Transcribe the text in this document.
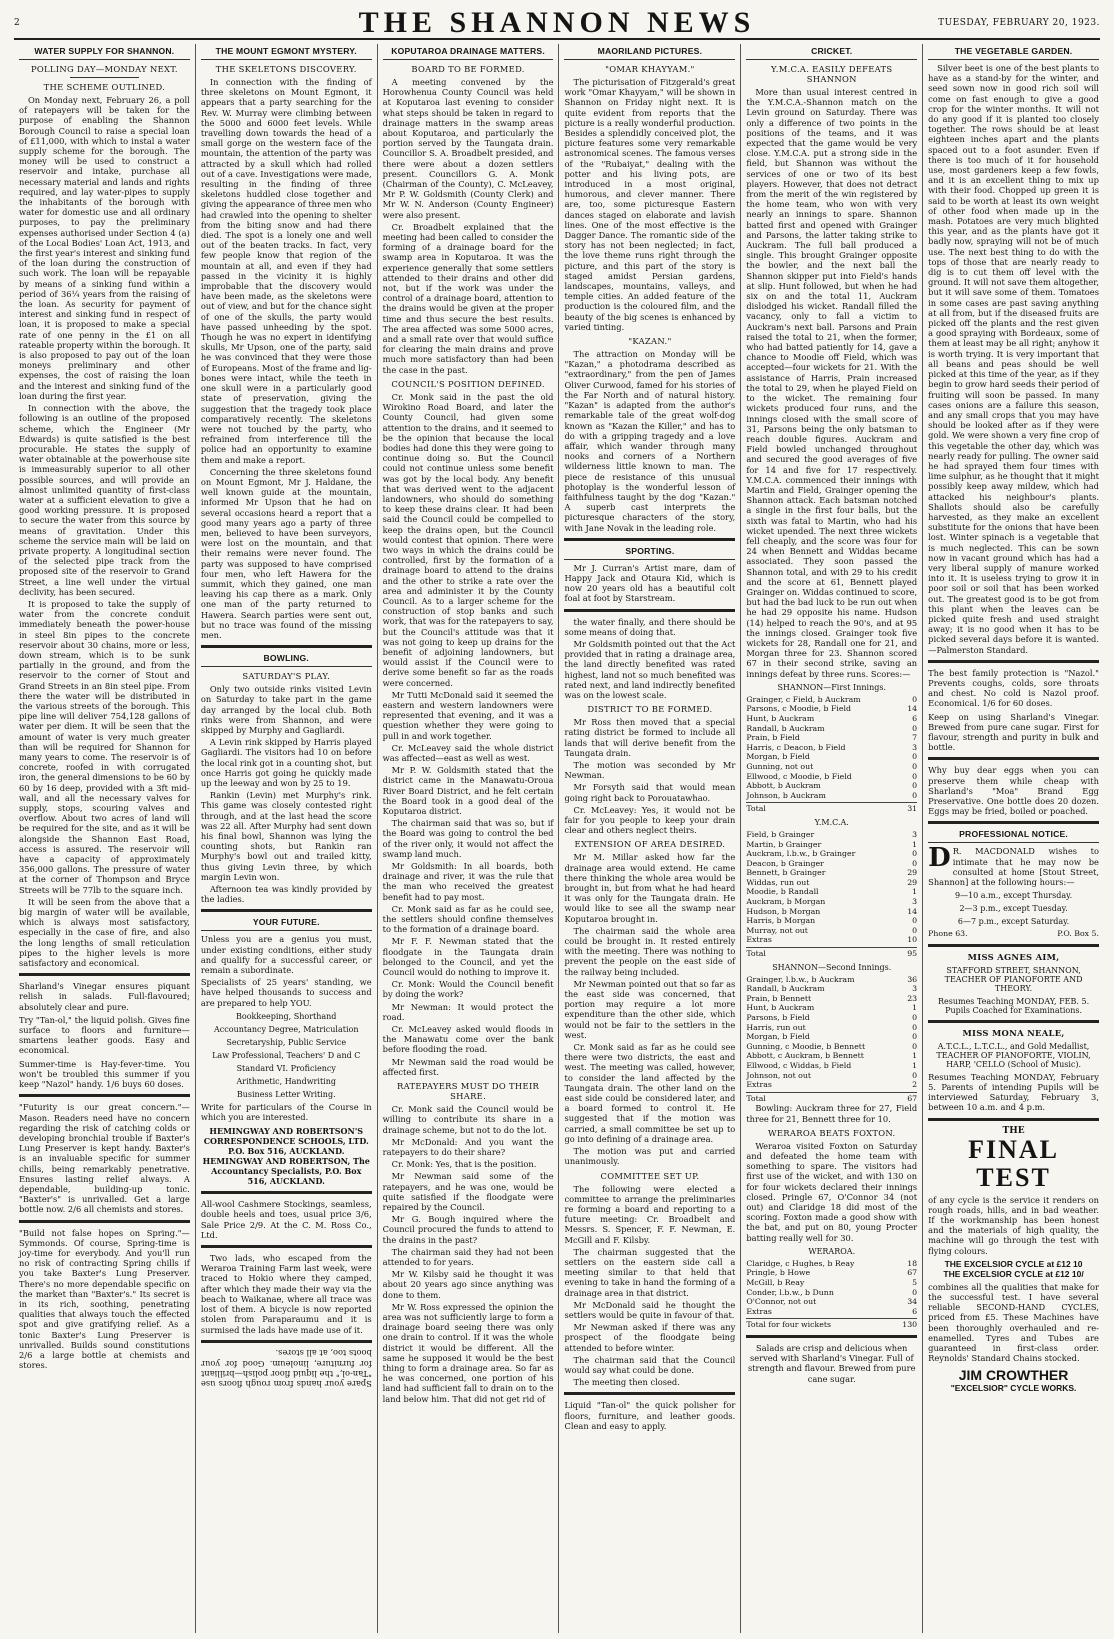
2	THE SHANNON NEWS	TUESDAY, FEBRUARY 20, 1923.
WATER SUPPLY FOR SHANNON.
POLLING DAY—MONDAY NEXT.
THE SCHEME OUTLINED.

On Monday next, February 26, a poll of ratepayers will be taken for the purpose of enabling the Shannon Borough Council to raise a special loan of £11,000, with which to instal a water supply scheme for the borough. The money will be used to construct a reservoir and intake, purchase all necessary material and lands and rights required, and lay water-pipes to supply the inhabitants of the borough with water for domestic use and all ordinary purposes, to pay the preliminary expenses authorised under Section 4 (a) of the Local Bodies' Loan Act, 1913, and the first year's interest and sinking fund of the loan during the construction of such work. The loan will be repayable by means of a sinking fund within a period of 36¼ years from the raising of the loan. As security for payment of interest and sinking fund in respect of loan, it is proposed to make a special rate of one penny in the £1 on all rateable property within the borough. It is also proposed to pay out of the loan moneys preliminary and other expenses, the cost of raising the loan and the interest and sinking fund of the loan during the first year.

In connection with the above, the following is an outline of the proposed scheme, which the Engineer (Mr Edwards) is quite satisfied is the best procurable. He states the supply of water obtainable at the powerhouse site is immeasurably superior to all other possible sources, and will provide an almost unlimited quantity of first-class water at a sufficient elevation to give a good working pressure. It is proposed to secure the water from this source by means of gravitation. Under this scheme the service main will be laid on private property. A longitudinal section of the selected pipe track from the proposed site of the reservoir to Grand Street, a line well under the virtual declivity, has been secured.

It is proposed to take the supply of water from the concrete conduit immediately beneath the power-house in steel 8in pipes to the concrete reservoir about 30 chains, more or less, down stream, which is to be sunk partially in the ground, and from the reservoir to the corner of Stout and Grand Streets in an 8in steel pipe. From there the water will be distributed in the various streets of the borough. This pipe line will deliver 754,128 gallons of water per diem. It will be seen that the amount of water is very much greater than will be required for Shannon for many years to come. The reservoir is of concrete, roofed in with corrugated iron, the general dimensions to be 60 by 60 by 16 deep, provided with a 3ft mid-wall, and all the necessary valves for supply, stops, scouring valves and overflow. About two acres of land will be required for the site, and as it will be alongside the Shannon East Road, access is assured. The reservoir will have a capacity of approximately 356,000 gallons. The pressure of water at the corner of Thompson and Bryce Streets will be 77lb to the square inch.

It will be seen from the above that a big margin of water will be available, which is always most satisfactory, especially in the case of fire, and also the long lengths of small reticulation pipes to the higher levels is more satisfactory and economical.

Sharland's Vinegar ensures piquant relish in salads. Full-flavoured; absolutely clear and pure.

Try "Tan-ol," the liquid polish. Gives fine surface to floors and furniture—smartens leather goods. Easy and economical.

Summer-time is Hay-fever-time. You won't be troubled this summer if you keep "Nazol" handy. 1/6 buys 60 doses.

"Futurity is our great concern."—Mason. Readers need have no concern regarding the risk of catching colds or developing bronchial trouble if Baxter's Lung Preserver is kept handy. Baxter's is an invaluable specific for summer chills, being remarkably penetrative. Ensures lasting relief always. A dependable, building-up tonic. "Baxter's" is unrivalled. Get a large bottle now. 2/6 all chemists and stores.

"Build not false hopes on Spring."—Symmonds. Of course, Spring-time is joy-time for everybody. And you'll run no risk of contracting Spring chills if you take Baxter's Lung Preserver. There's no more dependable specific on the market than "Baxter's." Its secret is in its rich, soothing, penetrating qualities that always touch the effected spot and give gratifying relief. As a tonic Baxter's Lung Preserver is unrivalled. Builds sound constitutions 2/6 a large bottle at chemists and stores.

THE MOUNT EGMONT MYSTERY.
THE SKELETONS DISCOVERY.

In connection with the finding of three skeletons on Mount Egmont, it appears that a party searching for the Rev. W. Murray were climbing between the 5000 and 6000 feet levels. While travelling down towards the head of a small gorge on the western face of the mountain, the attention of the party was attracted by a skull which had rolled out of a cave. Investigations were made, resulting in the finding of three skeletons huddled close together and giving the appearance of three men who had crawled into the opening to shelter from the biting snow and had there died. The spot is a lonely one and well out of the beaten tracks. In fact, very few people know that region of the mountain at all, and even if they had passed in the vicinity it is highly improbable that the discovery would have been made, as the skeletons were out of view, and but for the chance sight of one of the skulls, the party would have passed unheeding by the spot. Though he was no expert in identifying skulls, Mr Upson, one of the party, said he was convinced that they were those of Europeans. Most of the frame and lig-bones were intact, while the teeth in one skull were in a particularly good state of preservation, giving the suggestion that the tragedy took place comparatively recently. The skeletons were not touched by the party, who refrained from interference till the police had an opportunity to examine them and make a report.

Concerning the three skeletons found on Mount Egmont, Mr J. Haldane, the well known guide at the mountain, informed Mr Upson that he had on several occasions heard a report that a good many years ago a party of three men, believed to have been surveyors, were lost on the mountain, and that their remains were never found. The party was supposed to have comprised four men, who left Hawera for the summit, which they gained, one man leaving his cap there as a mark. Only one man of the party returned to Hawera. Search parties were sent out, but no trace was found of the missing men.

BOWLING.
SATURDAY'S PLAY.

Only two outside rinks visited Levin on Saturday to take part in the game day arranged by the local club. Both rinks were from Shannon, and were skipped by Murphy and Gagliardi.

A Levin rink skipped by Harris played Gagliardi. The visitors had 10 on before the local rink got in a counting shot, but once Harris got going he quickly made up the leeway and won by 25 to 19.

Rankin (Levin) met Murphy's rink. This game was closely contested right through, and at the last head the score was 22 all. After Murphy had sent down his final bowl, Shannon was lying the counting shots, but Rankin ran Murphy's bowl out and trailed kitty, thus giving Levin three, by which margin Levin won.

Afternoon tea was kindly provided by the ladies.

YOUR FUTURE.

Unless you are a genius you must, under existing conditions, either study and qualify for a successful career, or remain a subordinate.

Specialists of 25 years' standing, we have helped thousands to success and are prepared to help YOU.

Bookkeeping, Shorthand
Accountancy Degree, Matriculation
Secretaryship, Public Service
Law Professional, Teachers' D and C
Standard VI. Proficiency
Arithmetic, Handwriting
Business Letter Writing.

Write for particulars of the Course in which you are interested.

HEMINGWAY AND ROBERTSON'S CORRESPONDENCE SCHOOLS, LTD. P.O. Box 516, AUCKLAND. HEMINGWAY AND ROBERTSON, The Accountancy Specialists, P.O. Box 516, AUCKLAND.

All-wool Cashmere Stockings, seamless, double heels and toes, usual price 3/6, Sale Price 2/9. At the C. M. Ross Co., Ltd.

Two lads, who escaped from the Weraroa Training Farm last week, were traced to Hokio where they camped, after which they made their way via the beach to Waikanae, where all trace was lost of them. A bicycle is now reported stolen from Paraparaumu and it is surmised the lads have made use of it.

Spare your hands from rough floors use "Tan-ol," the liquid floor polish—brilliant for furniture, linoleum. Good for your boots too, at all stores.

KOPUTAROA DRAINAGE MATTERS.
BOARD TO BE FORMED.

A meeting convened by the Horowhenua County Council was held at Koputaroa last evening to consider what steps should be taken in regard to drainage matters in the swamp areas about Koputaroa, and particularly the portion served by the Taungata drain. Councillor S. A. Broadbelt presided, and there were about a dozen settlers present. Councillors G. A. Monk (Chairman of the County), C. McLeavey, Mr P. W. Goldsmith (County Clerk) and Mr W. N. Anderson (County Engineer) were also present.

Cr. Broadbelt explained that the meeting had been called to consider the forming of a drainage board for the swamp area in Koputaroa. It was the experience generally that some settlers attended to their drains and other did not, but if the work was under the control of a drainage board, attention to the drains would be given at the proper time and thus secure the best results. The area affected was some 5000 acres, and a small rate over that would suffice for clearing the main drains and prove much more satisfactory than had been the case in the past.

COUNCIL'S POSITION DEFINED.

Cr. Monk said in the past the old Wirokino Road Board, and later the County Council, had given some attention to the drains, and it seemed to be the opinion that because the local bodies had done this they were going to continue doing so. But the Council could not continue unless some benefit was got by the local body. Any benefit that was derived went to the adjacent landowners, who should do something to keep these drains clear. It had been said the Council could be compelled to keep the drains open, but the Council would contest that opinion. There were two ways in which the drains could be controlled, first by the formation of a drainage board to attend to the drains and the other to strike a rate over the area and administer it by the County Council. As to a larger scheme for the construction of stop banks and such work, that was for the ratepayers to say, but the Council's attitude was that it was not going to keep up drains for the benefit of adjoining landowners, but would assist if the Council were to derive some benefit so far as the roads were concerned.

Mr Tutti McDonald said it seemed the eastern and western landowners were represented that evening, and it was a question whether they were going to pull in and work together.

Cr. McLeavey said the whole district was affected—east as well as west.

Mr P. W. Goldsmith stated that the district came in the Manawatu-Oroua River Board District, and he felt certain the Board took in a good deal of the Koputaroa district.

The chairman said that was so, but if the Board was going to control the bed of the river only, it would not affect the swamp land much.

Mr Goldsmith: In all boards, both drainage and river, it was the rule that the man who received the greatest benefit had to pay most.

Cr. Monk said as far as he could see, the settlers should confine themselves to the formation of a drainage board.

Mr F. F. Newman stated that the floodgate in the Taungata drain belonged to the Council, and yet the Council would do nothing to improve it.

Cr. Monk: Would the Council benefit by doing the work?

Mr Newman: It would protect the road.

Cr. McLeavey asked would floods in the Manawatu come over the bank before flooding the road.

Mr Newman said the road would be affected first.

RATEPAYERS MUST DO THEIR SHARE.

Cr. Monk said the Council would be willing to contribute its share in a drainage scheme, but not to do the lot.

Mr McDonald: And you want the ratepayers to do their share?

Cr. Monk: Yes, that is the position.

Mr Newman said some of the ratepayers, and he was one, would be quite satisfied if the floodgate were repaired by the Council.

Mr G. Bough inquired where the Council procured the funds to attend to the drains in the past?

The chairman said they had not been attended to for years.

Mr W. Kilsby said he thought it was about 20 years ago since anything was done to them.

Mr W. Ross expressed the opinion the area was not sufficiently large to form a drainage board seeing there was only one drain to control. If it was the whole district it would be different. All the same he supposed it would be the best thing to form a drainage area. So far as he was concerned, one portion of his land had sufficient fall to drain on to the land below him. That did not get rid of

MAORILAND PICTURES.
"OMAR KHAYYAM."

The picturisation of Fitzgerald's great work "Omar Khayyam," will be shown in Shannon on Friday night next. It is quite evident from reports that the picture is a really wonderful production. Besides a splendidly conceived plot, the picture features some very remarkable astronomical scenes. The famous verses of the "Rubaiyat," dealing with the potter and his living pots, are introduced in a most original, humorous, and clever manner. There are, too, some picturesque Eastern dances staged on elaborate and lavish lines. One of the most effective is the Dagger Dance. The romantic side of the story has not been neglected; in fact, the love theme runs right through the picture, and this part of the story is staged amidst Persian gardens, landscapes, mountains, valleys, and temple cities. An added feature of the production is the coloured film, and the beauty of the big scenes is enhanced by varied tinting.

"KAZAN."

The attraction on Monday will be "Kazan," a photodrama described as "extraordinary," from the pen of James Oliver Curwood, famed for his stories of the Far North and of natural history. "Kazan" is adapted from the author's remarkable tale of the great wolf-dog known as "Kazan the Killer," and has to do with a gripping tragedy and a love affair, which wander through many nooks and corners of a Northern wilderness little known to man. The piece de resistance of this unusual photoplay is the wonderful lesson of faithfulness taught by the dog "Kazan." A superb cast interprets the picturesque characters of the story, with Jane Novak in the leading role.

SPORTING.

Mr J. Curran's Artist mare, dam of Happy Jack and Otaura Kid, which is now 20 years old has a beautiful colt foal at foot by Starstream.

the water finally, and there should be some means of doing that.

Mr Goldsmith pointed out that the Act provided that in rating a drainage area, the land directly benefited was rated highest, land not so much benefited was rated next, and land indirectly benefited was on the lowest scale.

DISTRICT TO BE FORMED.

Mr Ross then moved that a special rating district be formed to include all lands that will derive benefit from the Taungata drain.

The motion was seconded by Mr Newman.

Mr Forsyth said that would mean going right back to Porouatawhao.

Cr. McLeavey: Yes, it would not be fair for you people to keep your drain clear and others neglect theirs.

EXTENSION OF AREA DESIRED.

Mr M. Millar asked how far the drainage area would extend. He came there thinking the whole area would be brought in, but from what he had heard it was only for the Taungata drain. He would like to see all the swamp near Koputaroa brought in.

The chairman said the whole area could be brought in. It rested entirely with the meeting. There was nothing to prevent the people on the east side of the railway being included.

Mr Newman pointed out that so far as the east side was concerned, that portion may require a lot more expenditure than the other side, which would not be fair to the settlers in the west.

Cr. Monk said as far as he could see there were two districts, the east and west. The meeting was called, however, to consider the land affected by the Taungata drain. The other land on the east side could be considered later, and a board formed to control it. He suggested that if the motion was carried, a small committee be set up to go into defining of a drainage area.

The motion was put and carried unanimously.

COMMITTEE SET UP.

The following were elected a committee to arrange the preliminaries re forming a board and reporting to a future meeting: Cr. Broadbelt and Messrs. S. Spencer, F. F. Newman, E. McGill and F. Kilsby.

The chairman suggested that the settlers on the eastern side call a meeting similar to that held that evening to take in hand the forming of a drainage area in that district.

Mr McDonald said he thought the settlers would be quite in favour of that.

Mr Newman asked if there was any prospect of the floodgate being attended to before winter.

The chairman said that the Council would say what could be done.

The meeting then closed.

Liquid "Tan-ol" the quick polisher for floors, furniture, and leather goods. Clean and easy to apply.

CRICKET.
Y.M.C.A. EASILY DEFEATS SHANNON

More than usual interest centred in the Y.M.C.A.-Shannon match on the Levin ground on Saturday. There was only a difference of two points in the positions of the teams, and it was expected that the game would be very close. Y.M.C.A. put a strong side in the field, but Shannon was without the services of one or two of its best players. However, that does not detract from the merit of the win registered by the home team, who won with very nearly an innings to spare. Shannon batted first and opened with Grainger and Parsons, the latter taking strike to Auckram. The full ball produced a single. This brought Grainger opposite the bowler, and the next ball the Shannon skipper put into Field's hands at slip. Hunt followed, but when he had six on and the total 11, Auckram dislodged his wicket. Randall filled the vacancy, only to fall a victim to Auckram's next ball. Parsons and Prain raised the total to 21, when the former, who had batted patiently for 14, gave a chance to Moodie off Field, which was accepted—four wickets for 21. With the assistance of Harris, Prain increased the total to 29, when he played Field on to the wicket. The remaining four wickets produced four runs, and the innings closed with the small score of 31, Parsons being the only batsman to reach double figures. Auckram and Field bowled unchanged throughout and secured the good averages of five for 14 and five for 17 respectively. Y.M.C.A. commenced their innings with Martin and Field, Grainger opening the Shannon attack. Each batsman notched a single in the first four balls, but the sixth was fatal to Martin, who had his wicket upended. The next three wickets fell cheaply, and the score was four for 24 when Bennett and Widdas became associated. They soon passed the Shannon total, and with 29 to his credit and the score at 61, Bennett played Grainger on. Widdas continued to score, but had the bad luck to be run out when he had 29 opposite his name. Hudson (14) helped to reach the 90's, and at 95 the innings closed. Grainger took five wickets for 28, Randall one for 21, and Morgan three for 23. Shannon scored 67 in their second strike, saving an innings defeat by three runs. Scores:—

SHANNON—First Innings.
Grainger, c Field, b Auckram	0
Parsons, c Moodie, b Field	14
Hunt, b Auckram	6
Randall, b Auckram	0
Prain, b Field	7
Harris, c Deacon, b Field	3
Morgan, b Field	0
Gunning, not out	0
Ellwood, c Moodie, b Field	0
Abbott, b Auckram	0
Johnson, b Auckram	0
Total	31
Y.M.C.A.
Field, b Grainger	3
Martin, b Grainger	1
Auckram, l.b.w., b Grainger	0
Deacon, b Grainger	0
Bennett, b Grainger	29
Widdas, run out	29
Moodie, b Randall	1
Auckram, b Morgan	3
Hudson, b Morgan	14
Harris, b Morgan	0
Murray, not out	0
Extras	10
Total	95
SHANNON—Second Innings.
Grainger, l.b.w., b Auckram	36
Randall, b Auckram	3
Prain, b Bennett	23
Hunt, b Auckram	1
Parsons, b Field	0
Harris, run out	0
Morgan, b Field	0
Gunning, c Moodie, b Bennett	0
Abbott, c Auckram, b Bennett	1
Ellwood, c Widdas, b Field	1
Johnson, not out	0
Extras	2
Total	67

Bowling: Auckram three for 27, Field three for 21, Bennett three for 10.

WERAROA BEATS FOXTON.

Weraroa visited Foxton on Saturday and defeated the home team with something to spare. The visitors had first use of the wicket, and with 130 on for four wickets declared their innings closed. Pringle 67, O'Connor 34 (not out) and Claridge 18 did most of the scoring. Foxton made a good show with the bat, and put on 80, young Procter batting really well for 30.

WERAROA.
Claridge, c Hughes, b Reay	18
Pringle, b Howe	67
McGill, b Reay	5
Conder, l.b.w., b Dunn	0
O'Connor, not out	34
Extras	6
Total for four wickets	130

Salads are crisp and delicious when served with Sharland's Vinegar. Full of strength and flavour. Brewed from pure cane sugar.

THE VEGETABLE GARDEN.

Silver beet is one of the best plants to have as a stand-by for the winter, and seed sown now in good rich soil will come on fast enough to give a good crop for the winter months. It will not do any good if it is planted too closely together. The rows should be at least eighteen inches apart and the plants spaced out to a foot asunder. Even if there is too much of it for household use, most gardeners keep a few fowls, and it is an excellent thing to mix up with their food. Chopped up green it is said to be worth at least its own weight of other food when made up in the mash. Potatoes are very much blighted this year, and as the plants have got it badly now, spraying will not be of much use. The next best thing to do with the tops of those that are nearly ready to dig is to cut them off level with the ground. It will not save them altogether, but it will save some of them. Tomatoes in some cases are past saving anything at all from, but if the diseased fruits are picked off the plants and the rest given a good spraying with Bordeaux, some of them at least may be all right; anyhow it is worth trying. It is very important that all beans and peas should be well picked at this time of the year, as if they begin to grow hard seeds their period of fruiting will soon be passed. In many cases onions are a failure this season, and any small crops that you may have should be looked after as if they were gold. We were shown a very fine crop of this vegetable the other day, which was nearly ready for pulling. The owner said he had sprayed them four times with lime sulphur, as he thought that it might possibly keep away mildew, which had attacked his neighbour's plants. Shallots should also be carefully harvested, as they make an excellent substitute for the onions that have been lost. Winter spinach is a vegetable that is much neglected. This can be sown now in vacant ground which has had a very liberal supply of manure worked into it. It is useless trying to grow it in poor soil or soil that has been worked out. The greatest good is to be got from this plant when the leaves can be picked quite fresh and used straight away; it is no good when it has to be picked several days before it is wanted.—Palmerston Standard.

The best family protection is "Nazol." Prevents coughs, colds, sore throats and chest. No cold is Nazol proof. Economical. 1/6 for 60 doses.

Keep on using Sharland's Vinegar. Brewed from pure cane sugar. First for flavour, strength and purity in bulk and bottle.

Why buy dear eggs when you can preserve them while cheap with Sharland's "Moa" Brand Egg Preservative. One bottle does 20 dozen. Eggs may be fried, boiled or poached.

PROFESSIONAL NOTICE.
D R. MACDONALD wishes to intimate that he may now be consulted at home [Stout Street, Shannon] at the following hours:—

9—10 a.m., except Thursday.
2—3 p.m., except Tuesday.
6—7 p.m., except Saturday.
Phone 63.	P.O. Box 5.
MISS AGNES AIM,
STAFFORD STREET, SHANNON, TEACHER OF PIANOFORTE AND THEORY.
Resumes Teaching MONDAY, FEB. 5. Pupils Coached for Examinations.
MISS MONA NEALE,
A.T.C.L., L.T.C.L., and Gold Medallist, TEACHER OF PIANOFORTE, VIOLIN, HARP, 'CELLO (School of Music).

Resumes Teaching MONDAY, February 5. Parents of intending Pupils will be interviewed Saturday, February 3, between 10 a.m. and 4 p.m.

THE
FINAL TEST

of any cycle is the service it renders on rough roads, hills, and in bad weather. If the workmanship has been honest and the materials of high quality, the machine will go through the test with flying colours.

THE EXCELSIOR CYCLE at £12 10
THE EXCELSIOR CYCLE at £12 10/

combines all the qualities that make for the successful test. I have several reliable SECOND-HAND CYCLES, priced from £5. These Machines have been thoroughly overhauled and re-enamelled. Tyres and Tubes are guaranteed in first-class order. Reynolds' Standard Chains stocked.

JIM CROWTHER
"EXCELSIOR" CYCLE WORKS.
